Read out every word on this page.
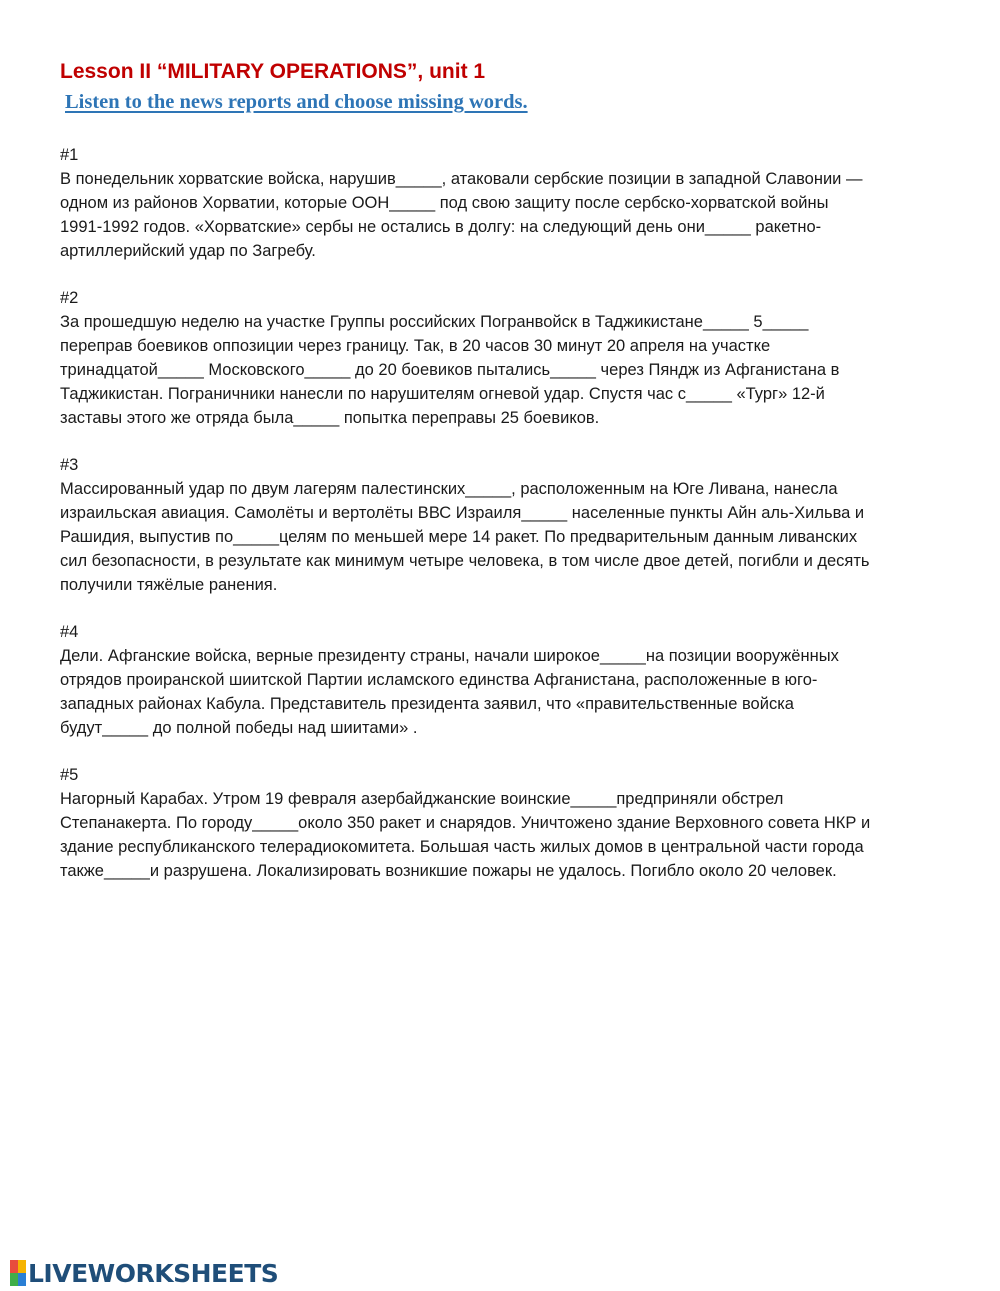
Lesson II “MILITARY OPERATIONS”, unit 1
Listen to the news reports and choose missing words.

#1

В понедельник хорватские войска, нарушив_____, атаковали сербские позиции в западной Славонии —

одном из районов Хорватии, которые ООН_____ под свою защиту после сербско-хорватской войны

1991-1992 годов. «Хорватские» сербы не остались в долгу: на следующий день они_____ ракетно-

артиллерийский удар по Загребу.

#2

За прошедшую неделю на участке Группы российских Погранвойск в Таджикистане_____ 5_____

переправ боевиков оппозиции через границу. Так, в 20 часов 30 минут 20 апреля на участке

тринадцатой_____ Московского_____ до 20 боевиков пытались_____ через Пяндж из Афганистана в

Таджикистан. Пограничники нанесли по нарушителям огневой удар. Спустя час с_____ «Тург» 12-й

заставы этого же отряда была_____ попытка переправы 25 боевиков.

#3

Массированный удар по двум лагерям палестинских_____, расположенным на Юге Ливана, нанесла

израильская авиация. Самолёты и вертолёты ВВС Израиля_____ населенные пункты Айн аль-Хильва и

Рашидия, выпустив по_____целям по меньшей мере 14 ракет. По предварительным данным ливанских

сил безопасности, в результате как минимум четыре человека, в том числе двое детей, погибли и десять

получили тяжёлые ранения.

#4

Дели. Афганские войска, верные президенту страны, начали широкое_____на позиции вооружённых

отрядов проиранской шиитской Партии исламского единства Афганистана, расположенные в юго-

западных районах Кабула. Представитель президента заявил, что «правительственные войска

будут_____ до полной победы над шиитами» .

#5

Нагорный Карабах. Утром 19 февраля азербайджанские воинские_____предприняли обстрел

Степанакерта. По городу_____около 350 ракет и снарядов. Уничтожено здание Верховного совета НКР и

здание республиканского телерадиокомитета. Большая часть жилых домов в центральной части города

также_____и разрушена. Локализировать возникшие пожары не удалось. Погибло около 20 человек.

LIVEWORKSHEETS
